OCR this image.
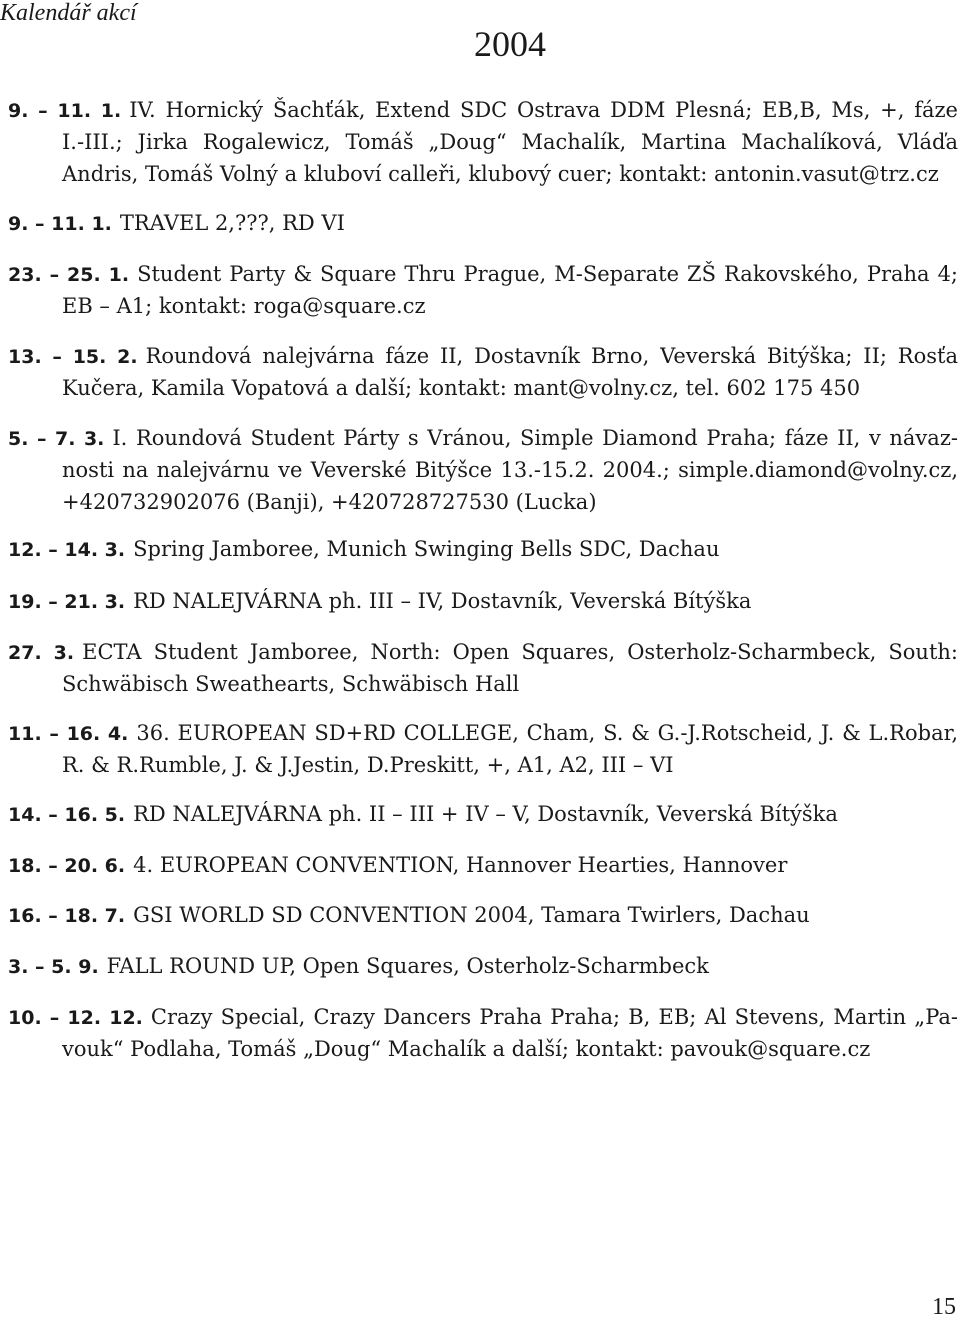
Kalendář akcí
2004
9. – 11. 1. IV. Hornický Šachťák, Extend SDC Ostrava DDM Plesná; EB,B, Ms, +, fáze
I.-III.; Jirka Rogalewicz, Tomáš „Doug“ Machalík, Martina Machalíková, Vláďa
Andris, Tomáš Volný a kluboví calleři, klubový cuer; kontakt: antonin.vasut@trz.cz
9. – 11. 1. TRAVEL 2,???, RD VI
23. – 25. 1. Student Party & Square Thru Prague, M-Separate ZŠ Rakovského, Praha 4;
EB – A1; kontakt: roga@square.cz
13. – 15. 2. Roundová nalejvárna fáze II, Dostavník Brno, Veverská Bitýška; II; Rosťa
Kučera, Kamila Vopatová a další; kontakt: mant@volny.cz, tel. 602 175 450
5. – 7. 3. I. Roundová Student Párty s Vránou, Simple Diamond Praha; fáze II, v návaz-
nosti na nalejvárnu ve Veverské Bitýšce 13.-15.2. 2004.; simple.diamond@volny.cz,
+420732902076 (Banji), +420728727530 (Lucka)
12. – 14. 3. Spring Jamboree, Munich Swinging Bells SDC, Dachau
19. – 21. 3. RD NALEJVÁRNA ph. III – IV, Dostavník, Veverská Bítýška
27. 3. ECTA Student Jamboree, North: Open Squares, Osterholz-Scharmbeck, South:
Schwäbisch Sweathearts, Schwäbisch Hall
11. – 16. 4. 36. EUROPEAN SD+RD COLLEGE, Cham, S. & G.-J.Rotscheid, J. & L.Robar,
R. & R.Rumble, J. & J.Jestin, D.Preskitt, +, A1, A2, III – VI
14. – 16. 5. RD NALEJVÁRNA ph. II – III + IV – V, Dostavník, Veverská Bítýška
18. – 20. 6. 4. EUROPEAN CONVENTION, Hannover Hearties, Hannover
16. – 18. 7. GSI WORLD SD CONVENTION 2004, Tamara Twirlers, Dachau
3. – 5. 9. FALL ROUND UP, Open Squares, Osterholz-Scharmbeck
10. – 12. 12. Crazy Special, Crazy Dancers Praha Praha; B, EB; Al Stevens, Martin „Pa-
vouk“ Podlaha, Tomáš „Doug“ Machalík a další; kontakt: pavouk@square.cz
15
